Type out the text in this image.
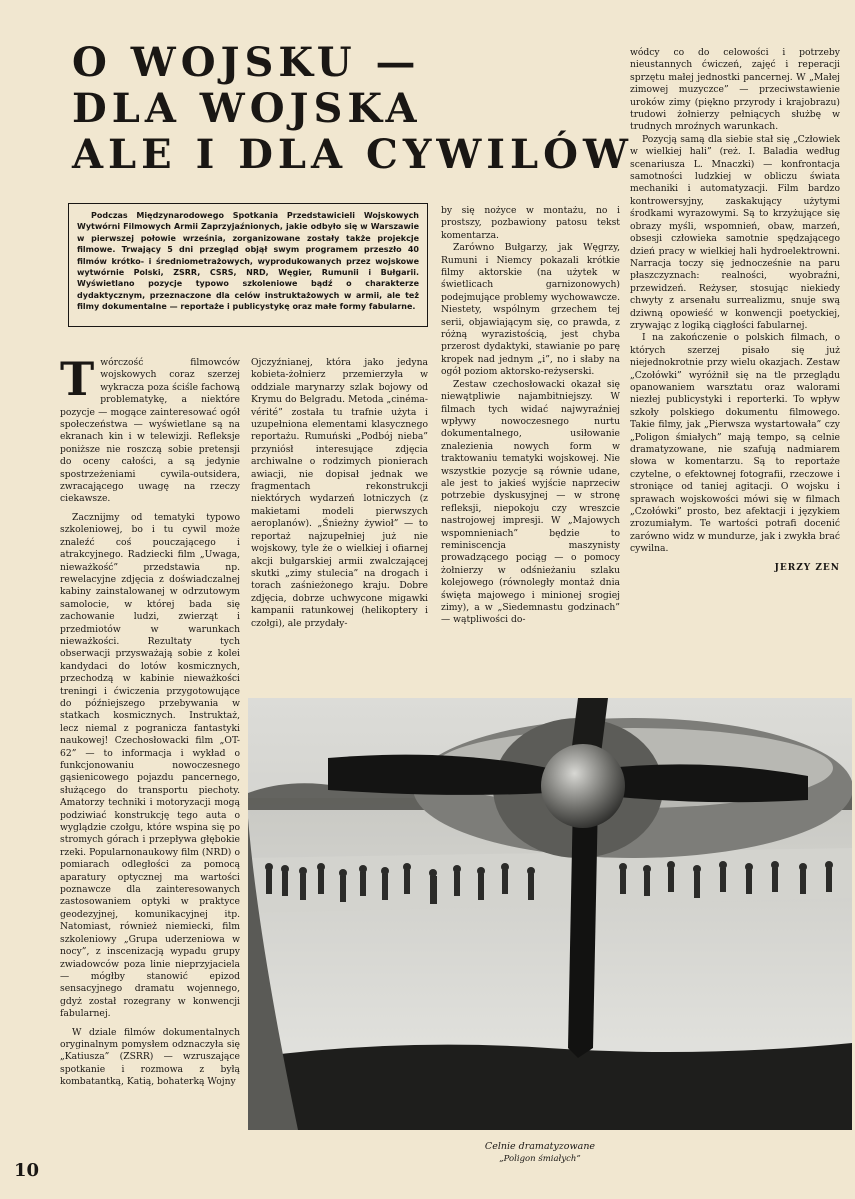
O WOJSKU —
DLA WOJSKA
ALE I DLA CYWILÓW
Podczas Międzynarodowego Spotkania Przedstawicieli Wojskowych Wytwórni Filmowych Armii Zaprzyjaźnionych, jakie odbyło się w Warszawie w pierwszej połowie września, zorganizowane zostały także projekcje filmowe. Trwający 5 dni przegląd objął swym programem przeszło 40 filmów krótko- i średniometrażowych, wyprodukowanych przez wojskowe wytwórnie Polski, ZSRR, CSRS, NRD, Węgier, Rumunii i Bułgarii. Wyświetlano pozycje typowo szkoleniowe bądź o charakterze dydaktycznym, przeznaczone dla celów instruktażowych w armii, ale też filmy dokumentalne — reportaże i publicystykę oraz małe formy fabularne.

Twórczość filmowców wojskowych coraz szerzej wykracza poza ściśle fachową problematykę, a niektóre pozycje — mogące zainteresować ogół społeczeństwa — wyświetlane są na ekranach kin i w telewizji. Refleksje poniższe nie roszczą sobie pretensji do oceny całości, a są jedynie spostrzeżeniami cywila-outsidera, zwracającego uwagę na rzeczy ciekawsze.

Zacznijmy od tematyki typowo szkoleniowej, bo i tu cywil może znaleźć coś pouczającego i atrakcyjnego. Radziecki film „Uwaga, nieważkość” przedstawia np. rewelacyjne zdjęcia z doświadczalnej kabiny zainstalowanej w odrzutowym samolocie, w której bada się zachowanie ludzi, zwierząt i przedmiotów w warunkach nieważkości. Rezultaty tych obserwacji przysważają sobie z kolei kandydaci do lotów kosmicznych, przechodzą w kabinie nieważkości treningi i ćwiczenia przygotowujące do późniejszego przebywania w statkach kosmicznych. Instruktaż, lecz niemal z pogranicza fantastyki naukowej! Czechosłowacki film „OT-62” — to informacja i wykład o funkcjonowaniu nowoczesnego gąsienicowego pojazdu pancernego, służącego do transportu piechoty. Amatorzy techniki i motoryzacji mogą podziwiać konstrukcję tego auta o wyglądzie czołgu, które wspina się po stromych górach i przepływa głębokie rzeki. Popularnonaukowy film (NRD) o pomiarach odległości za pomocą aparatury optycznej ma wartości poznawcze dla zainteresowanych zastosowaniem optyki w praktyce geodezyjnej, komunikacyjnej itp. Natomiast, również niemiecki, film szkoleniowy „Grupa uderzeniowa w nocy”, z inscenizacją wypadu grupy zwiadowców poza linie nieprzyjaciela — mógłby stanowić epizod sensacyjnego dramatu wojennego, gdyż został rozegrany w konwencji fabularnej.

W dziale filmów dokumentalnych oryginalnym pomysłem odznaczyła się „Katiusza” (ZSRR) — wzruszające spotkanie i rozmowa z byłą kombatantką, Katią, bohaterką Wojny

Ojczyźnianej, która jako jedyna kobieta-żołnierz przemierzyła w oddziale marynarzy szlak bojowy od Krymu do Belgradu. Metoda „cinéma-vérité” została tu trafnie użyta i uzupełniona elementami klasycznego reportażu. Rumuński „Podbój nieba” przyniósł interesujące zdjęcia archiwalne o rodzimych pionierach awiacji, nie dopisał jednak we fragmentach rekonstrukcji niektórych wydarzeń lotniczych (z makietami modeli pierwszych aeroplanów). „Śnieżny żywioł” — to reportaż najzupełniej już nie wojskowy, tyle że o wielkiej i ofiarnej akcji bułgarskiej armii zwalczającej skutki „zimy stulecia” na drogach i torach zaśnieżonego kraju. Dobre zdjęcia, dobrze uchwycone migawki kampanii ratunkowej (helikoptery i czołgi), ale przydały-

by się nożyce w montażu, no i prostszy, pozbawiony patosu tekst komentarza.

Zarówno Bułgarzy, jak Węgrzy, Rumuni i Niemcy pokazali krótkie filmy aktorskie (na użytek w świetlicach garnizonowych) podejmujące problemy wychowawcze. Niestety, wspólnym grzechem tej serii, objawiającym się, co prawda, z różną wyrazistością, jest chyba przerost dydaktyki, stawianie po parę kropek nad jednym „i”, no i słaby na ogół poziom aktorsko-reżyserski.

Zestaw czechosłowacki okazał się niewątpliwie najambitniejszy. W filmach tych widać najwyraźniej wpływy nowoczesnego nurtu dokumentalnego, usiłowanie znalezienia nowych form w traktowaniu tematyki wojskowej. Nie wszystkie pozycje są równie udane, ale jest to jakieś wyjście naprzeciw potrzebie dyskusyjnej — w stronę refleksji, niepokoju czy wreszcie nastrojowej impresji. W „Majowych wspomnieniach” będzie to reminiscencja maszynisty prowadzącego pociąg — o pomocy żołnierzy w odśnieżaniu szlaku kolejowego (równoległy montaż dnia święta majowego i minionej srogiej zimy), a w „Siedemnastu godzinach” — wątpliwości do-

wódcy co do celowości i potrzeby nieustannych ćwiczeń, zajęć i reperacji sprzętu małej jednostki pancernej. W „Małej zimowej muzyczce” — przeciwstawienie uroków zimy (piękno przyrody i krajobrazu) trudowi żołnierzy pełniących służbę w trudnych mroźnych warunkach.

Pozycją samą dla siebie stał się „Człowiek w wielkiej hali” (reż. I. Baladia według scenariusza L. Mnaczki) — konfrontacja samotności ludzkiej w obliczu świata mechaniki i automatyzacji. Film bardzo kontrowersyjny, zaskakujący użytymi środkami wyrazowymi. Są to krzyżujące się obrazy myśli, wspomnień, obaw, marzeń, obsesji człowieka samotnie spędzającego dzień pracy w wielkiej hali hydroelektrowni. Narracja toczy się jednocześnie na paru płaszczyznach: realności, wyobraźni, przewidzeń. Reżyser, stosując niekiedy chwyty z arsenału surrealizmu, snuje swą dziwną opowieść w konwencji poetyckiej, zrywając z logiką ciągłości fabularnej.

I na zakończenie o polskich filmach, o których szerzej pisało się już niejednokrotnie przy wielu okazjach. Zestaw „Czołówki” wyróżnił się na tle przeglądu opanowaniem warsztatu oraz walorami niezłej publicystyki i reporterki. To wpływ szkoły polskiego dokumentu filmowego. Takie filmy, jak „Pierwsza wystartowała” czy „Poligon śmiałych” mają tempo, są celnie dramatyzowane, nie szafują nadmiarem słowa w komentarzu. Są to reportaże czytelne, o efektownej fotografii, rzeczowe i stroniące od taniej agitacji. O wojsku i sprawach wojskowości mówi się w filmach „Czołówki” prosto, bez afektacji i językiem zrozumiałym. Te wartości potrafi docenić zarówno widz w mundurze, jak i zwykła brać cywilna.

JERZY ZEN
Celnie dramatyzowane
„Poligon śmiałych”
10
